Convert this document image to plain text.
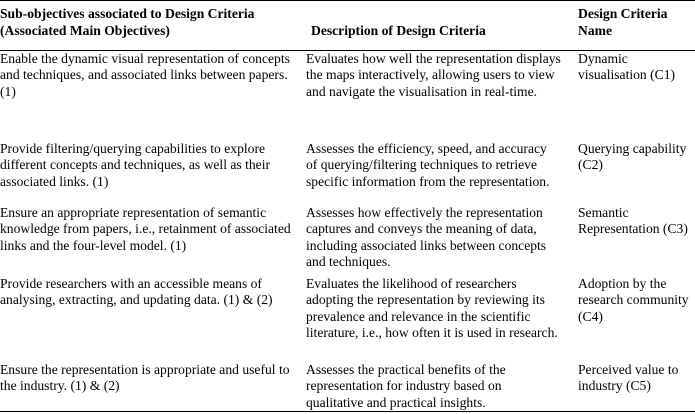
Sub-objectives associated to Design Criteria (Associated Main Objectives)	Description of Design Criteria	Design Criteria Name

Enable the dynamic visual representation of concepts and techniques, and associated links between papers. (1)	Evaluates how well the representation displays the maps interactively, allowing users to view and navigate the visualisation in real-time.	Dynamic visualisation (C1)

Provide filtering/querying capabilities to explore different concepts and techniques, as well as their associated links. (1)	Assesses the efficiency, speed, and accuracy of querying/filtering techniques to retrieve specific information from the representation.	Querying capability (C2)

Ensure an appropriate representation of semantic knowledge from papers, i.e., retainment of associated links and the four-level model. (1)	Assesses how effectively the representation captures and conveys the meaning of data, including associated links between concepts and techniques.	Semantic Representation (C3)

Provide researchers with an accessible means of analysing, extracting, and updating data. (1) & (2)	Evaluates the likelihood of researchers adopting the representation by reviewing its prevalence and relevance in the scientific literature, i.e., how often it is used in research.	Adoption by the research community (C4)

Ensure the representation is appropriate and useful to the industry. (1) & (2)	Assesses the practical benefits of the representation for industry based on qualitative and practical insights.	Perceived value to industry (C5)
